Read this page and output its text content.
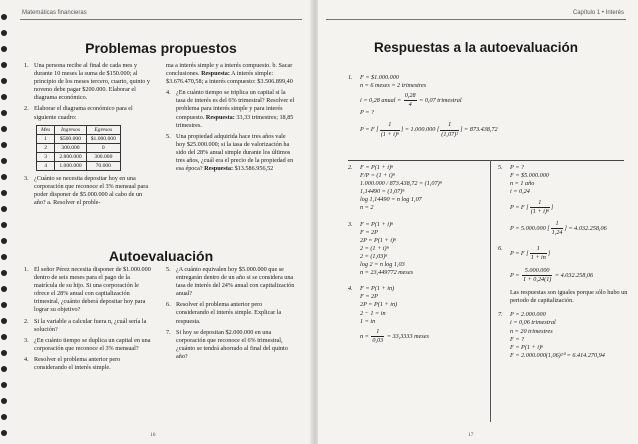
Matemáticas financieras
Problemas propuestos
1. Una persona recibe al final de cada mes y durante 10 meses la suma de $150.000; al principio de los meses tercero, cuarto, quinto y noveno debe pagar $200.000. Elaborar el diagrama económico.
2. Elaborar el diagrama económico para el siguiente cuadro:
Mes	Ingresos	Egresos
1	$500.000	$1.000.000
2	300.000	0
3	2.800.000	300.000
4	1.000.000	70.000
3. ¿Cuánto se necesita depositar hoy en una corporación que reconoce el 3% mensual para poder disponer de $5.000.000 al cabo de un año? a. Resolver el proble-
ma a interés simple y a interés compuesto. b. Sacar conclusiones. Respuesta: A interés simple: $3.676.470,58; a interés compuesto: $3.506.899,40
4. ¿En cuánto tiempo se triplica un capital si la tasa de interés es del 6% trimestral? Resolver el problema para interés simple y para interés compuesto. Respuesta: 33,33 trimestres; 18,85 trimestres.
5. Una propiedad adquirida hace tres años vale hoy $25.000.000; si la tasa de valorización ha sido del 28% anual simple durante los últimos tres años, ¿cuál era el precio de la propiedad en esa época? Respuesta: $13.586.956,52
Autoevaluación
1. El señor Pérez necesita disponer de $1.000.000 dentro de seis meses para el pago de la matrícula de su hijo. Si una corporación le ofrece el 28% anual con capitalización trimestral, ¿cuánto deberá depositar hoy para lograr su objetivo?
2. Si la variable a calcular fuera n, ¿cuál sería la solución?
3. ¿En cuánto tiempo se duplica un capital en una corporación que reconoce el 3% mensual?
4. Resolver el problema anterior pero considerando el interés simple.
5. ¿A cuánto equivalen hoy $5.000.000 que se entregarán dentro de un año si se considera una tasa de interés del 24% anual con capitalización anual?
6. Resolver el problema anterior pero considerando el interés simple. Explicar la respuesta.
7. Si hoy se depositan $2.000.000 en una corporación que reconoce el 6% trimestral, ¿cuánto se tendrá ahorrado al final del quinto año?
16
Capítulo 1 • Interés
Respuestas a la autoevaluación
1. F = $1.000.000
n = 6 meses = 2 trimestres
i = 0,28 anual = $\frac{0,28}{4} = 0,07$ trimestral
P = ?
P = F [ $\frac{1}{\text{(1 + i)ⁿ}}$ ] = 1.000.000 [ $\frac{1}{\text{(1,07)²}}$ ] = 873.438,72
2. F = P(1 + i)ⁿ
F/P = (1 + i)ⁿ
1.000.000 / 873.438,72 = (1,07)ⁿ
1,14490 = (1,07)ⁿ
log 1,14490 = n log 1,07
n = 2
3. F = P(1 + i)ⁿ
F = 2P
2P = P(1 + i)ⁿ
2 = (1 + i)ⁿ
2 = (1,03)ⁿ
log 2 = n log 1,03
n = 23,449772 meses
4. F = P(1 + in)
F = 2P
2P = P(1 + in)
2 − 1 = in
1 = in
$n = \frac{1}{0,03} = 33,3333$ meses
5. P = ?
F = $5.000.000
n = 1 año
i = 0,24
P = F [ $\frac{1}{\text{(1 + i)ⁿ}}$ ]
P = 5.000.000 [ $\frac{1}{1,24}$ ] = 4.032.258,06
6.
P = F [ $\frac{1}{1 + in}$ ]
$P = \frac{5.000.000}{1 + 0,24(1)} = 4.032.258,06$
Las respuestas son iguales porque sólo hubo un periodo de capitalización.
7. P = 2.000.000
i = 0,06 trimestral
n = 20 trimestres
F = ?
F = P(1 + i)ⁿ
F = 2.000.000(1,06)²⁰ = 6.414.270,94
17
